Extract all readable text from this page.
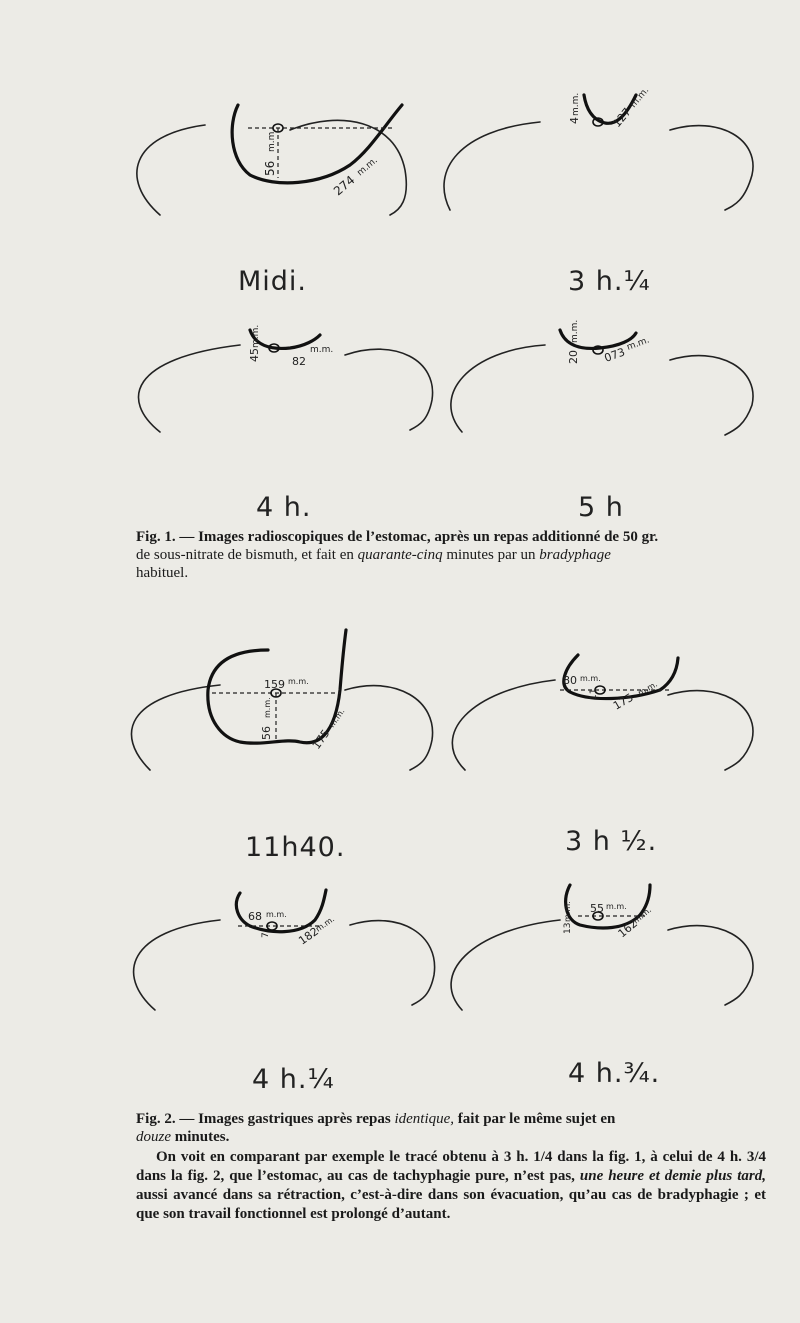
56
m.m.
274
m.m.
4
m.m.
127
m.m.
45
m.m.
82
m.m.	20
m.m.
073
m.m.
159 m.m.
56
m.m.
175
m.m.
80 m.m.
11 175
m.m.
68 m.m.
7 182
m.m.
55 m.m.
13
m.m.
162
m.m.
Midi.	3 h.¼
4 h.	5 h
11h40.	3 h ½.
4 h.¼	4 h.¾.
Fig. 1. — Images radioscopiques de l’estomac, après un repas additionné de 50 gr.
de sous-nitrate de bismuth, et fait en quarante-cinq minutes par un bradyphage
habituel.
Fig. 2. — Images gastriques après repas identique, fait par le même sujet en
douze minutes.

On voit en comparant par exemple le tracé obtenu à 3 h. 1/4 dans la fig. 1, à celui de 4 h. 3/4 dans la fig. 2, que l’estomac, au cas de tachyphagie pure, n’est pas, une heure et demie plus tard, aussi avancé dans sa rétraction, c’est-à-dire dans son évacuation, qu’au cas de bradyphagie ; et que son travail fonctionnel est prolongé d’autant.
